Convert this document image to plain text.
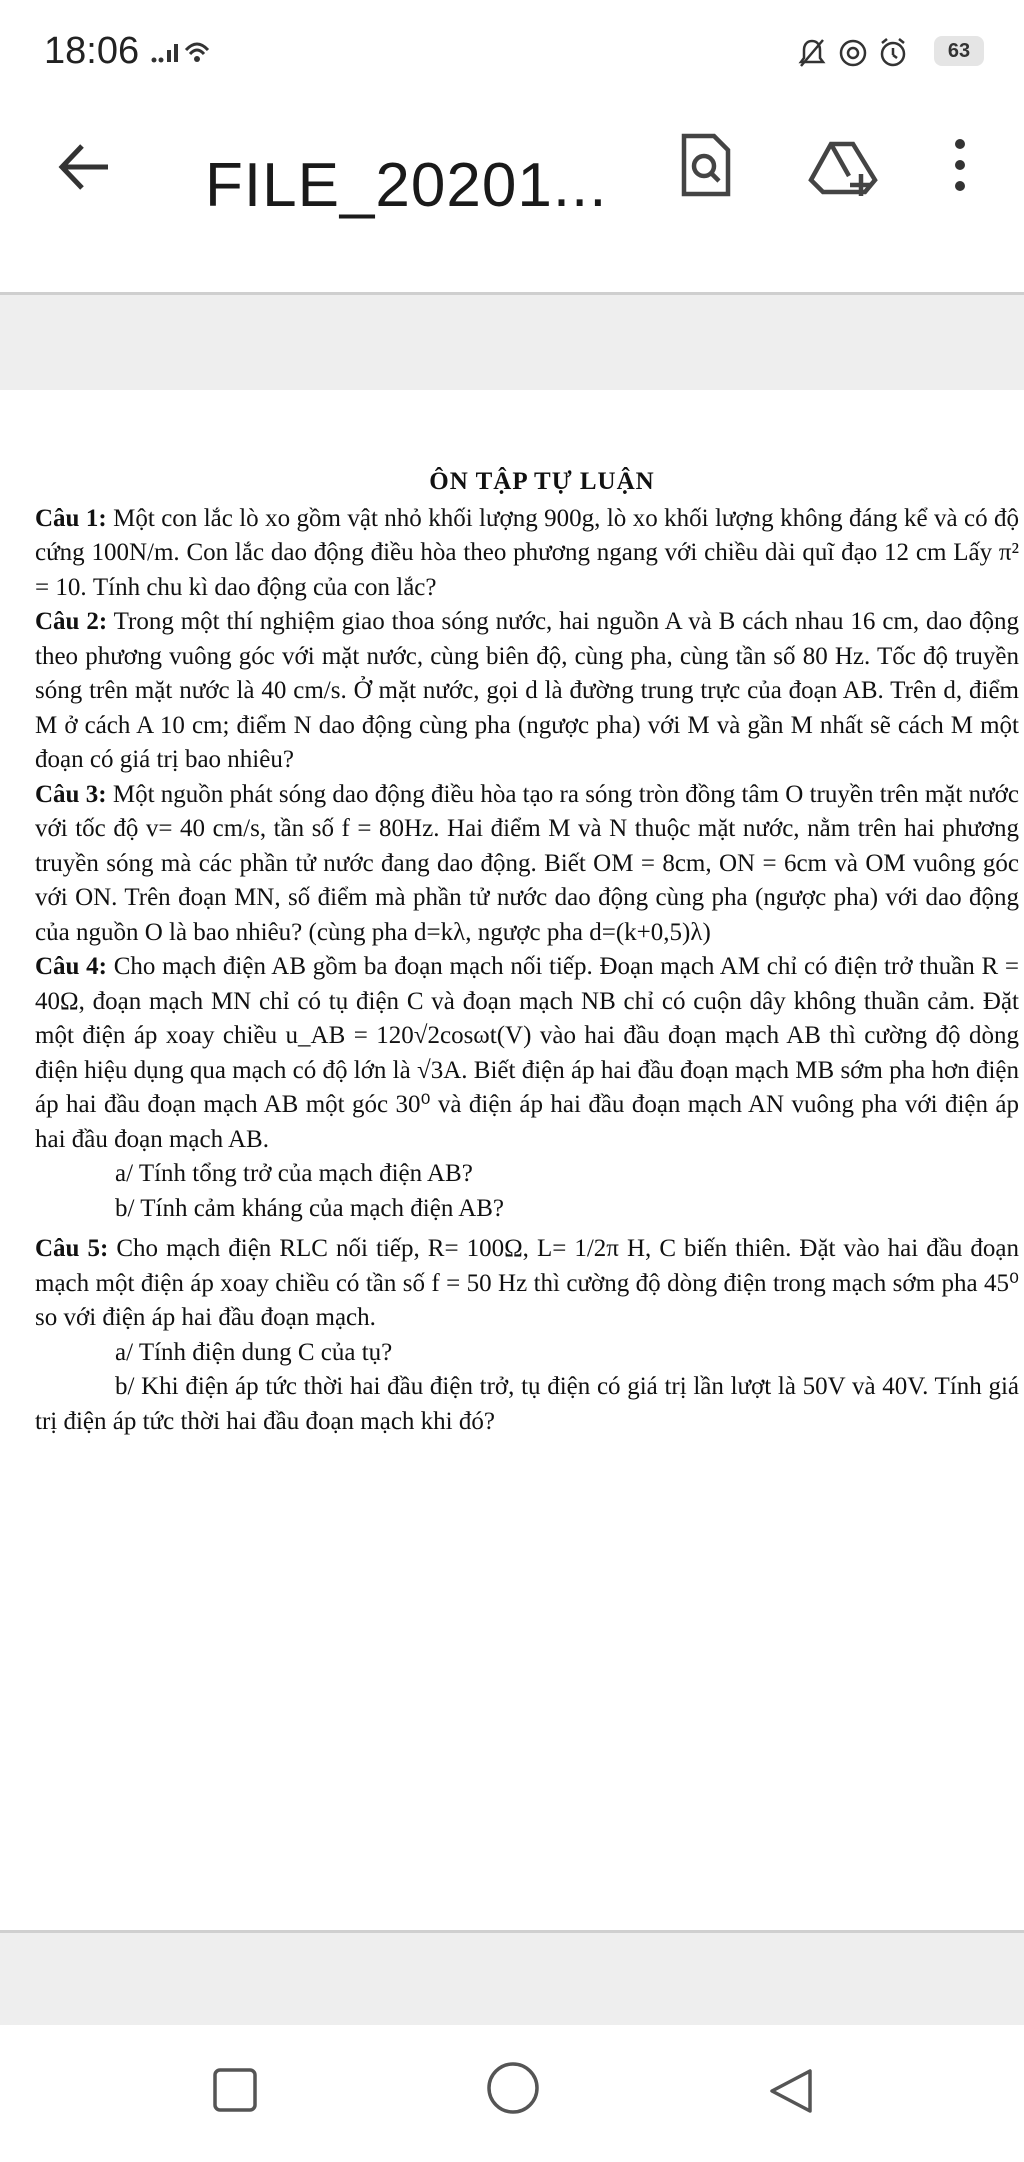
18:06	63
FILE_20201...
ÔN TẬP TỰ LUẬN

Câu 1: Một con lắc lò xo gồm vật nhỏ khối lượng 900g, lò xo khối lượng không đáng kể và có độ cứng 100N/m. Con lắc dao động điều hòa theo phương ngang với chiều dài quĩ đạo 12 cm Lấy π² = 10. Tính chu kì dao động của con lắc?

Câu 2: Trong một thí nghiệm giao thoa sóng nước, hai nguồn A và B cách nhau 16 cm, dao động theo phương vuông góc với mặt nước, cùng biên độ, cùng pha, cùng tần số 80 Hz. Tốc độ truyền sóng trên mặt nước là 40 cm/s. Ở mặt nước, gọi d là đường trung trực của đoạn AB. Trên d, điểm M ở cách A 10 cm; điểm N dao động cùng pha (ngược pha) với M và gần M nhất sẽ cách M một đoạn có giá trị bao nhiêu?

Câu 3: Một nguồn phát sóng dao động điều hòa tạo ra sóng tròn đồng tâm O truyền trên mặt nước với tốc độ v= 40 cm/s, tần số f = 80Hz. Hai điểm M và N thuộc mặt nước, nằm trên hai phương truyền sóng mà các phần tử nước đang dao động. Biết OM = 8cm, ON = 6cm và OM vuông góc với ON. Trên đoạn MN, số điểm mà phần tử nước dao động cùng pha (ngược pha) với dao động của nguồn O là bao nhiêu? (cùng pha d=kλ, ngược pha d=(k+0,5)λ)

Câu 4: Cho mạch điện AB gồm ba đoạn mạch nối tiếp. Đoạn mạch AM chỉ có điện trở thuần R = 40Ω, đoạn mạch MN chỉ có tụ điện C và đoạn mạch NB chỉ có cuộn dây không thuần cảm. Đặt một điện áp xoay chiều u_AB = 120√2cosωt(V) vào hai đầu đoạn mạch AB thì cường độ dòng điện hiệu dụng qua mạch có độ lớn là √3A. Biết điện áp hai đầu đoạn mạch MB sớm pha hơn điện áp hai đầu đoạn mạch AB một góc 30⁰ và điện áp hai đầu đoạn mạch AN vuông pha với điện áp hai đầu đoạn mạch AB.

a/ Tính tổng trở của mạch điện AB?

b/ Tính cảm kháng của mạch điện AB?

Câu 5: Cho mạch điện RLC nối tiếp, R= 100Ω, L= 1/2π H, C biến thiên. Đặt vào hai đầu đoạn mạch một điện áp xoay chiều có tần số f = 50 Hz thì cường độ dòng điện trong mạch sớm pha 45⁰ so với điện áp hai đầu đoạn mạch.

a/ Tính điện dung C của tụ?

b/ Khi điện áp tức thời hai đầu điện trở, tụ điện có giá trị lần lượt là 50V và 40V. Tính giá trị điện áp tức thời hai đầu đoạn mạch khi đó?
